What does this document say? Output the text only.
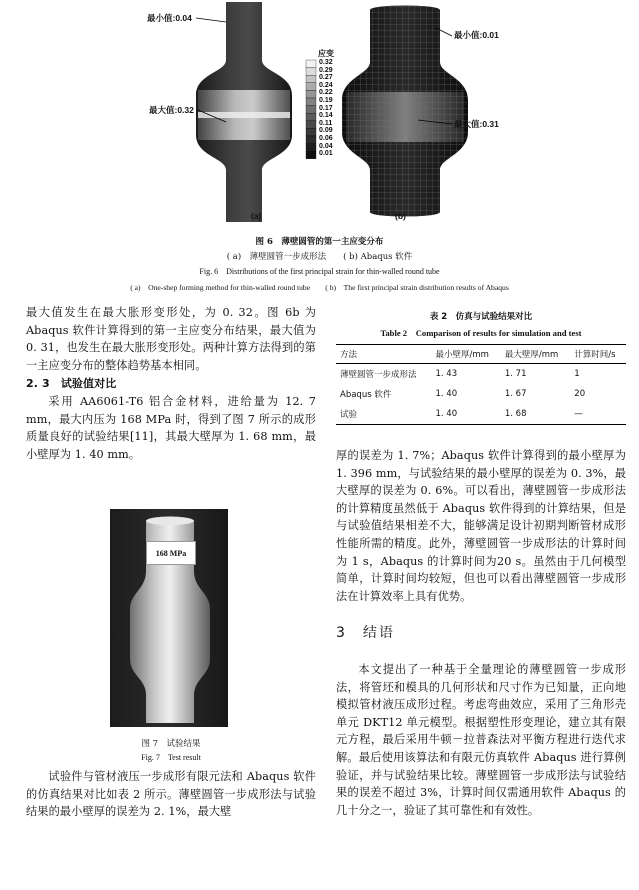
最小值:0.04
最大值:0.32
最小值:0.01
最大值:0.31
应变
0.32
0.29
0.27
0.24
0.22
0.19
0.17
0.14
0.11
0.09
0.06
0.04
0.01
(a)	(b)
图 6　薄壁圆管的第一主应变分布
( a)　薄壁圆管一步成形法　　( b) Abaqus 软件
Fig. 6　Distributions of the first principal strain for thin-walled round tube
( a)　One-shep forming method for thin-walled round tube　　( b)　The first principal strain distribution results of Abaqus

最大值发生在最大胀形变形处，为 0. 32。图 6b 为 Abaqus 软件计算得到的第一主应变分布结果，最大值为 0. 31，也发生在最大胀形变形处。两种计算方法得到的第一主应变分布的整体趋势基本相同。

2. 3　试验值对比

采用 AA6061-T6 铝合金材料，进给量为 12. 7 mm，最大内压为 168 MPa 时，得到了图 7 所示的成形质量良好的试验结果[11]，其最大壁厚为 1. 68 mm，最小壁厚为 1. 40 mm。

168 MPa
图 7　试验结果
Fig. 7　Test result

试验件与管材液压一步成形有限元法和 Abaqus 软件的仿真结果对比如表 2 所示。薄壁圆管一步成形法与试验结果的最小壁厚的误差为 2. 1%，最大壁

表 2　仿真与试验结果对比
Table 2　Comparison of results for simulation and test
方法	最小壁厚/mm	最大壁厚/mm	计算时间/s
薄壁圆管一步成形法	1. 43	1. 71	1
Abaqus 软件	1. 40	1. 67	20
试验	1. 40	1. 68	—

厚的误差为 1. 7%；Abaqus 软件计算得到的最小壁厚为 1. 396 mm，与试验结果的最小壁厚的误差为 0. 3%，最大壁厚的误差为 0. 6%。可以看出，薄壁圆管一步成形法的计算精度虽然低于 Abaqus 软件得到的计算结果，但是与试验值结果相差不大，能够满足设计初期判断管材成形性能所需的精度。此外，薄壁圆管一步成形法的计算时间为 1 s，Abaqus 的计算时间为20 s。虽然由于几何模型简单，计算时间均较短，但也可以看出薄壁圆管一步成形法在计算效率上具有优势。

3　结语

本文提出了一种基于全量理论的薄壁圆管一步成形法，将管坯和模具的几何形状和尺寸作为已知量，正向地模拟管材液压成形过程。考虑弯曲效应，采用了三角形壳单元 DKT12 单元模型。根据塑性形变理论，建立其有限元方程，最后采用牛顿－拉普森法对平衡方程进行迭代求解。最后使用该算法和有限元仿真软件 Abaqus 进行算例验证，并与试验结果比较。薄壁圆管一步成形法与试验结果的误差不超过 3%，计算时间仅需通用软件 Abaqus 的几十分之一，验证了其可靠性和有效性。
